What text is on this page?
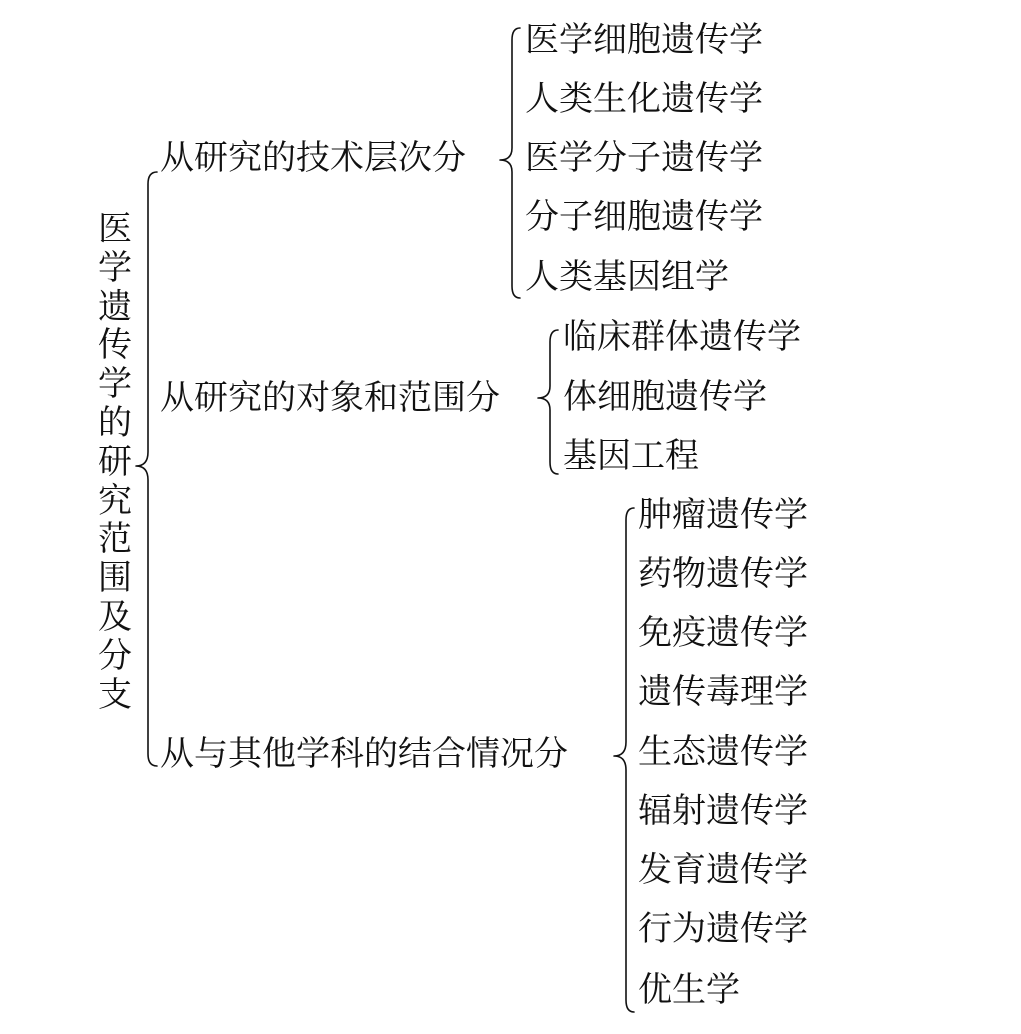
医学遗传学的研究范围及分支
从研究的技术层次分
从研究的对象和范围分
从与其他学科的结合情况分
医学细胞遗传学
人类生化遗传学
医学分子遗传学
分子细胞遗传学
人类基因组学
临床群体遗传学
体细胞遗传学
基因工程
肿瘤遗传学
药物遗传学
免疫遗传学
遗传毒理学
生态遗传学
辐射遗传学
发育遗传学
行为遗传学
优生学
